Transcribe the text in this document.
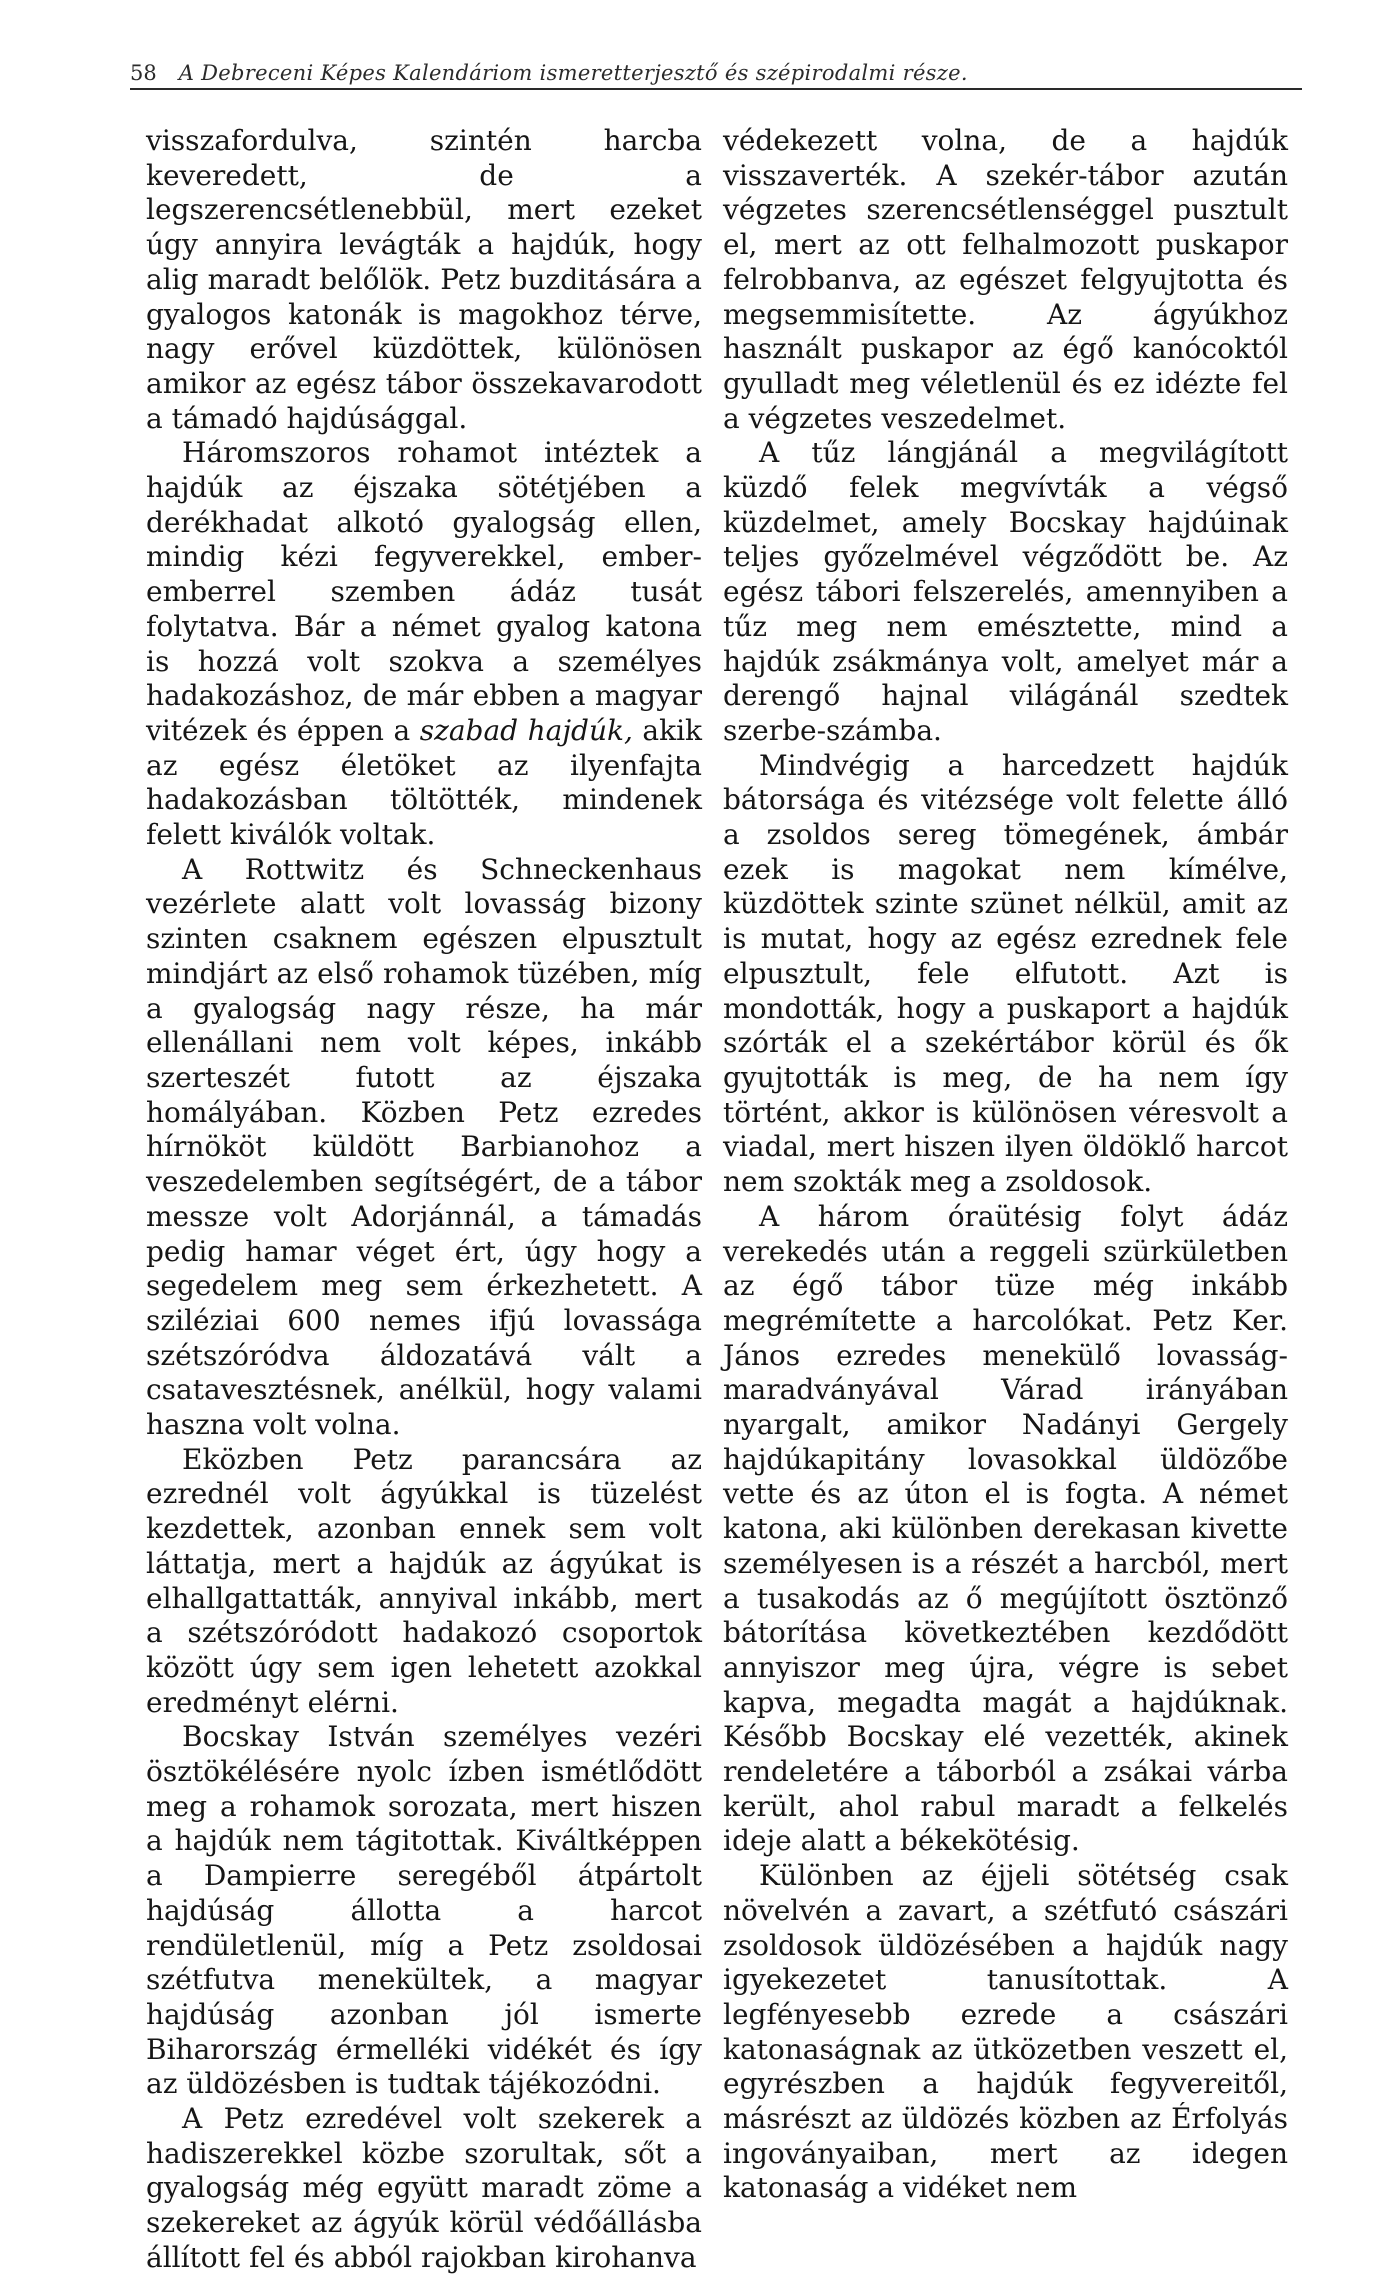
58 A Debreceni Képes Kalendáriom ismeretterjesztő és szépirodalmi része.

visszafordulva, szintén harcba keveredett, de a legszerencsétlenebbül, mert ezeket úgy annyira levágták a hajdúk, hogy alig maradt belőlök. Petz buzditására a gyalogos katonák is magokhoz térve, nagy erővel küzdöttek, különösen amikor az egész tábor összekavarodott a támadó hajdúsággal.

Háromszoros rohamot intéztek a hajdúk az éjszaka sötétjében a derékhadat alkotó gyalogság ellen, mindig kézi fegyverekkel, ember-emberrel szemben ádáz tusát folytatva. Bár a német gyalog katona is hozzá volt szokva a személyes hadakozáshoz, de már ebben a magyar vitézek és éppen a szabad hajdúk, akik az egész életöket az ilyenfajta hadakozásban töltötték, mindenek felett kiválók voltak.

A Rottwitz és Schneckenhaus vezérlete alatt volt lovasság bizony szinten csaknem egészen elpusztult mindjárt az első rohamok tüzében, míg a gyalogság nagy része, ha már ellenállani nem volt képes, inkább szerteszét futott az éjszaka homályában. Közben Petz ezredes hírnököt küldött Barbianohoz a veszedelemben segítségért, de a tábor messze volt Adorjánnál, a támadás pedig hamar véget ért, úgy hogy a segedelem meg sem érkezhetett. A sziléziai 600 nemes ifjú lovassága szétszóródva áldozatává vált a csatavesztésnek, anélkül, hogy valami haszna volt volna.

Eközben Petz parancsára az ezrednél volt ágyúkkal is tüzelést kezdettek, azonban ennek sem volt láttatja, mert a hajdúk az ágyúkat is elhallgattatták, annyival inkább, mert a szétszóródott hadakozó csoportok között úgy sem igen lehetett azokkal eredményt elérni.

Bocskay István személyes vezéri ösztökélésére nyolc ízben ismétlődött meg a rohamok sorozata, mert hiszen a hajdúk nem tágitottak. Kiváltképpen a Dampierre seregéből átpártolt hajdúság állotta a harcot rendületlenül, míg a Petz zsoldosai szétfutva menekültek, a magyar hajdúság azonban jól ismerte Biharország érmelléki vidékét és így az üldözésben is tudtak tájékozódni.

A Petz ezredével volt szekerek a hadiszerekkel közbe szorultak, sőt a gyalogság még együtt maradt zöme a szekereket az ágyúk körül védőállásba állított fel és abból rajokban kirohanva

védekezett volna, de a hajdúk visszaverték. A szekér-tábor azután végzetes szerencsétlenséggel pusztult el, mert az ott felhalmozott puskapor felrobbanva, az egészet felgyujtotta és megsemmisítette. Az ágyúkhoz használt puskapor az égő kanócoktól gyulladt meg véletlenül és ez idézte fel a végzetes veszedelmet.

A tűz lángjánál a megvilágított küzdő felek megvívták a végső küzdelmet, amely Bocskay hajdúinak teljes győzelmével végződött be. Az egész tábori felszerelés, amennyiben a tűz meg nem emésztette, mind a hajdúk zsákmánya volt, amelyet már a derengő hajnal világánál szedtek szerbe-számba.

Mindvégig a harcedzett hajdúk bátorsága és vitézsége volt felette álló a zsoldos sereg tömegének, ámbár ezek is magokat nem kímélve, küzdöttek szinte szünet nélkül, amit az is mutat, hogy az egész ezrednek fele elpusztult, fele elfutott. Azt is mondották, hogy a puskaport a hajdúk szórták el a szekértábor körül és ők gyujtották is meg, de ha nem így történt, akkor is különösen véresvolt a viadal, mert hiszen ilyen öldöklő harcot nem szokták meg a zsoldosok.

A három óraütésig folyt ádáz verekedés után a reggeli szürkületben az égő tábor tüze még inkább megrémítette a harcolókat. Petz Ker. János ezredes menekülő lovasság-maradványával Várad irányában nyargalt, amikor Nadányi Gergely hajdúkapitány lovasokkal üldözőbe vette és az úton el is fogta. A német katona, aki különben derekasan kivette személyesen is a részét a harcból, mert a tusakodás az ő megújított ösztönző bátorítása következtében kezdődött annyiszor meg újra, végre is sebet kapva, megadta magát a hajdúknak. Később Bocskay elé vezették, akinek rendeletére a táborból a zsákai várba került, ahol rabul maradt a felkelés ideje alatt a békekötésig.

Különben az éjjeli sötétség csak növelvén a zavart, a szétfutó császári zsoldosok üldözésében a hajdúk nagy igyekezetet tanusítottak. A legfényesebb ezrede a császári katonaságnak az ütközetben veszett el, egyrészben a hajdúk fegyvereitől, másrészt az üldözés közben az Érfolyás ingoványaiban, mert az idegen katonaság a vidéket nem
